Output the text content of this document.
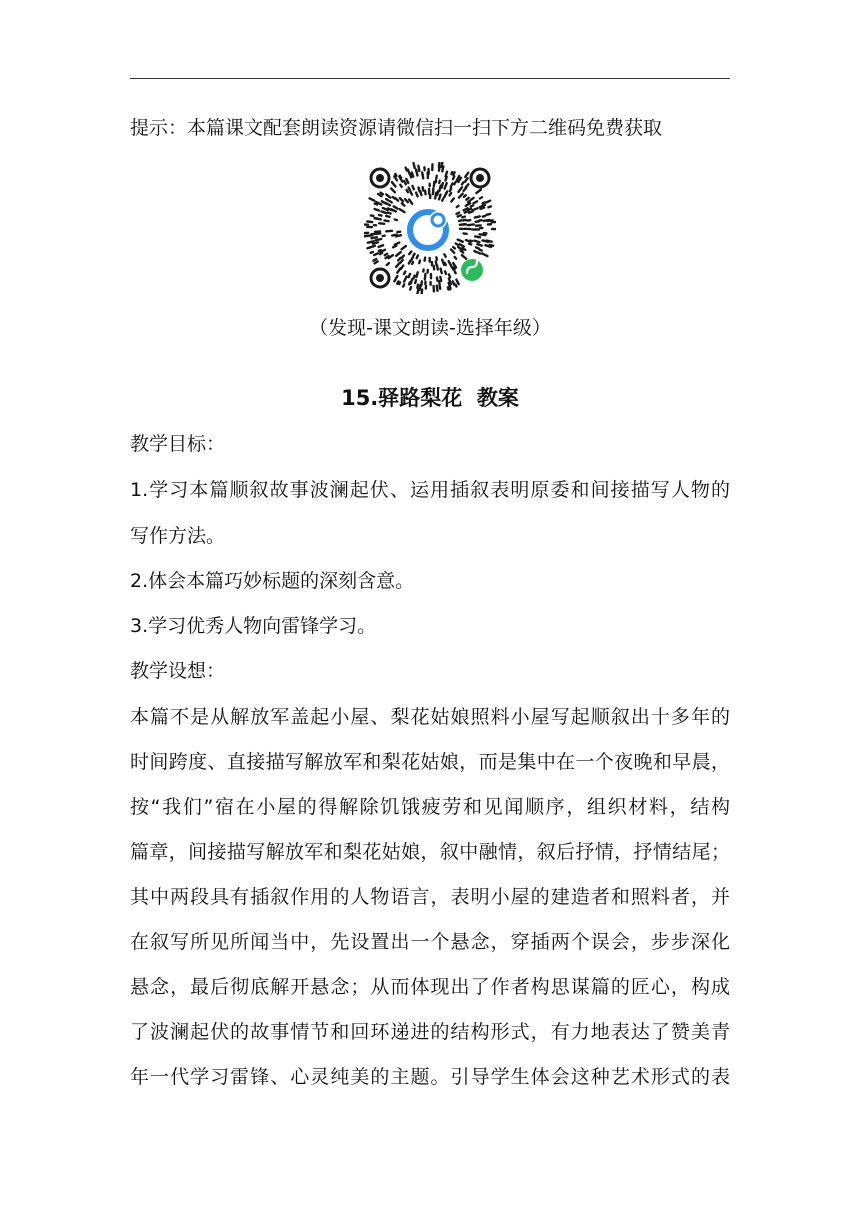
提示：本篇课文配套朗读资源请微信扫一扫下方二维码免费获取
（发现-课文朗读-选择年级）
15.驿路梨花  教案
教学目标：
1.学习本篇顺叙故事波澜起伏、运用插叙表明原委和间接描写人物的
写作方法。
2.体会本篇巧妙标题的深刻含意。
3.学习优秀人物向雷锋学习。
教学设想：
本篇不是从解放军盖起小屋、梨花姑娘照料小屋写起顺叙出十多年的
时间跨度、直接描写解放军和梨花姑娘，而是集中在一个夜晚和早晨，
按“我们”宿在小屋的得解除饥饿疲劳和见闻顺序，组织材料，结构
篇章，间接描写解放军和梨花姑娘，叙中融情，叙后抒情，抒情结尾；
其中两段具有插叙作用的人物语言，表明小屋的建造者和照料者，并
在叙写所见所闻当中，先设置出一个悬念，穿插两个误会，步步深化
悬念，最后彻底解开悬念；从而体现出了作者构思谋篇的匠心，构成
了波澜起伏的故事情节和回环递进的结构形式，有力地表达了赞美青
年一代学习雷锋、心灵纯美的主题。引导学生体会这种艺术形式的表
